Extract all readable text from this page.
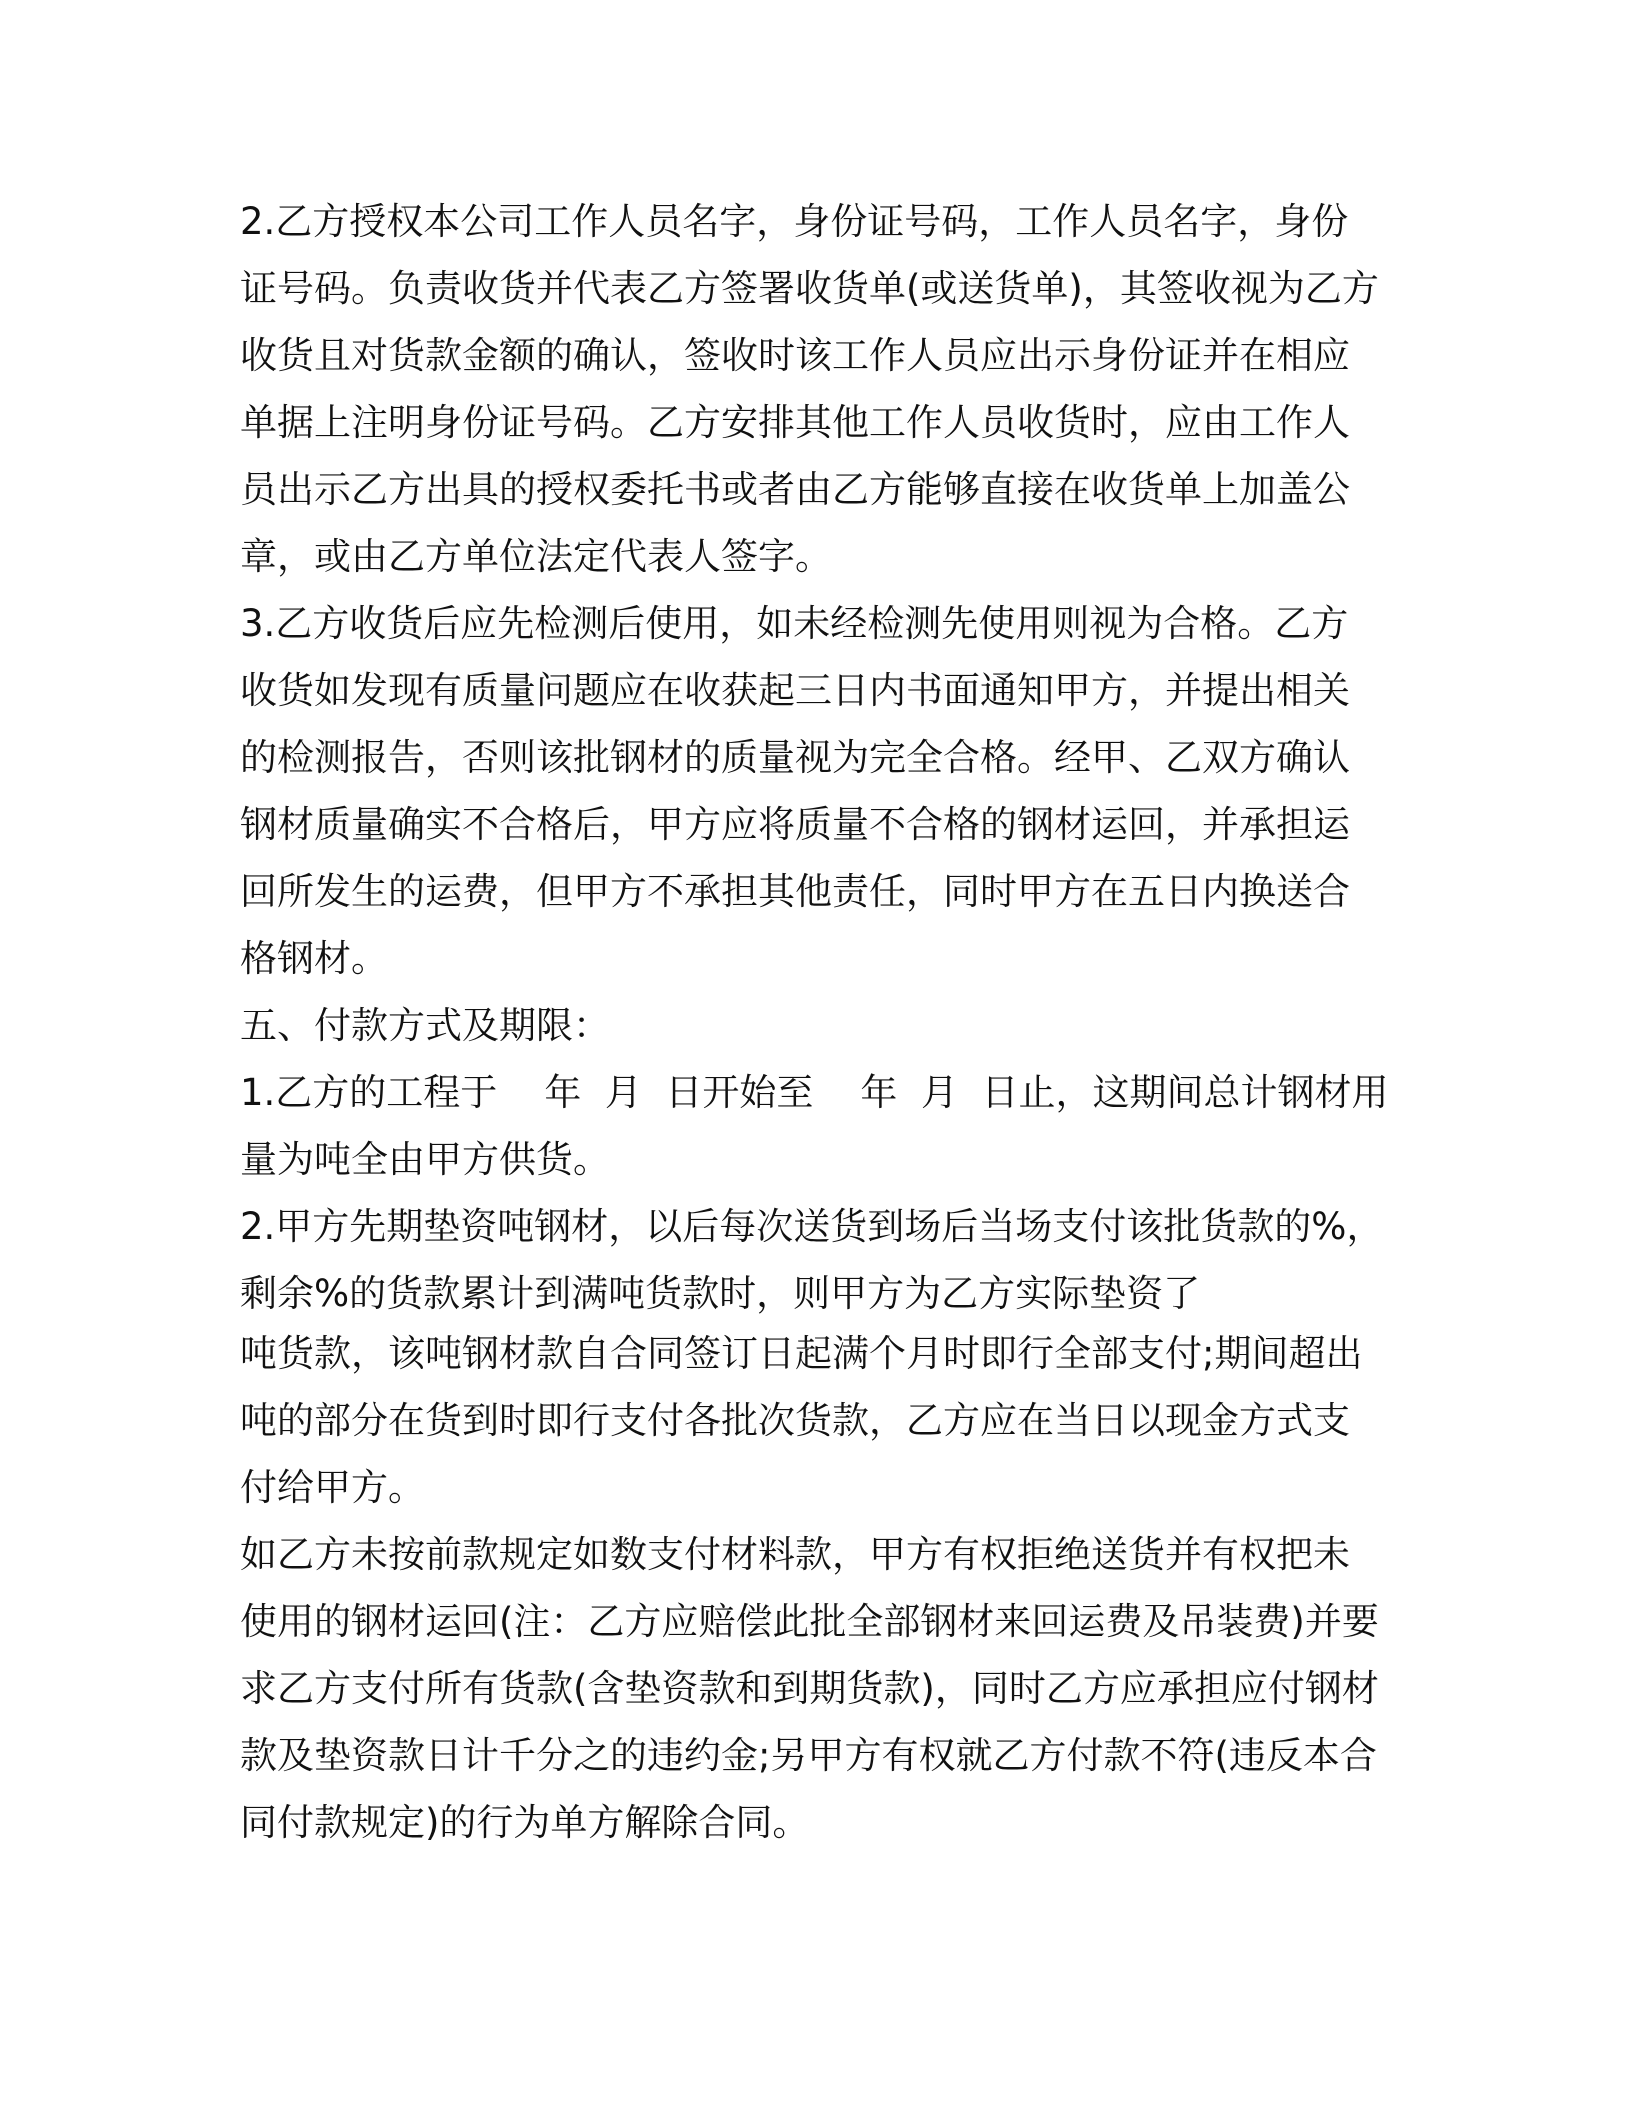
2.乙方授权本公司工作人员名字，身份证号码，工作人员名字，身份
证号码。负责收货并代表乙方签署收货单(或送货单)，其签收视为乙方
收货且对货款金额的确认，签收时该工作人员应出示身份证并在相应
单据上注明身份证号码。乙方安排其他工作人员收货时，应由工作人
员出示乙方出具的授权委托书或者由乙方能够直接在收货单上加盖公
章，或由乙方单位法定代表人签字。
3.乙方收货后应先检测后使用，如未经检测先使用则视为合格。乙方
收货如发现有质量问题应在收获起三日内书面通知甲方，并提出相关
的检测报告，否则该批钢材的质量视为完全合格。经甲、乙双方确认
钢材质量确实不合格后，甲方应将质量不合格的钢材运回，并承担运
回所发生的运费，但甲方不承担其他责任，同时甲方在五日内换送合
格钢材。
五、付款方式及期限：
1.乙方的工程于    年  月  日开始至    年  月  日止，这期间总计钢材用
量为吨全由甲方供货。
2.甲方先期垫资吨钢材，以后每次送货到场后当场支付该批货款的%，
剩余%的货款累计到满吨货款时，则甲方为乙方实际垫资了
吨货款，该吨钢材款自合同签订日起满个月时即行全部支付;期间超出
吨的部分在货到时即行支付各批次货款，乙方应在当日以现金方式支
付给甲方。
如乙方未按前款规定如数支付材料款，甲方有权拒绝送货并有权把未
使用的钢材运回(注：乙方应赔偿此批全部钢材来回运费及吊装费)并要
求乙方支付所有货款(含垫资款和到期货款)，同时乙方应承担应付钢材
款及垫资款日计千分之的违约金;另甲方有权就乙方付款不符(违反本合
同付款规定)的行为单方解除合同。
